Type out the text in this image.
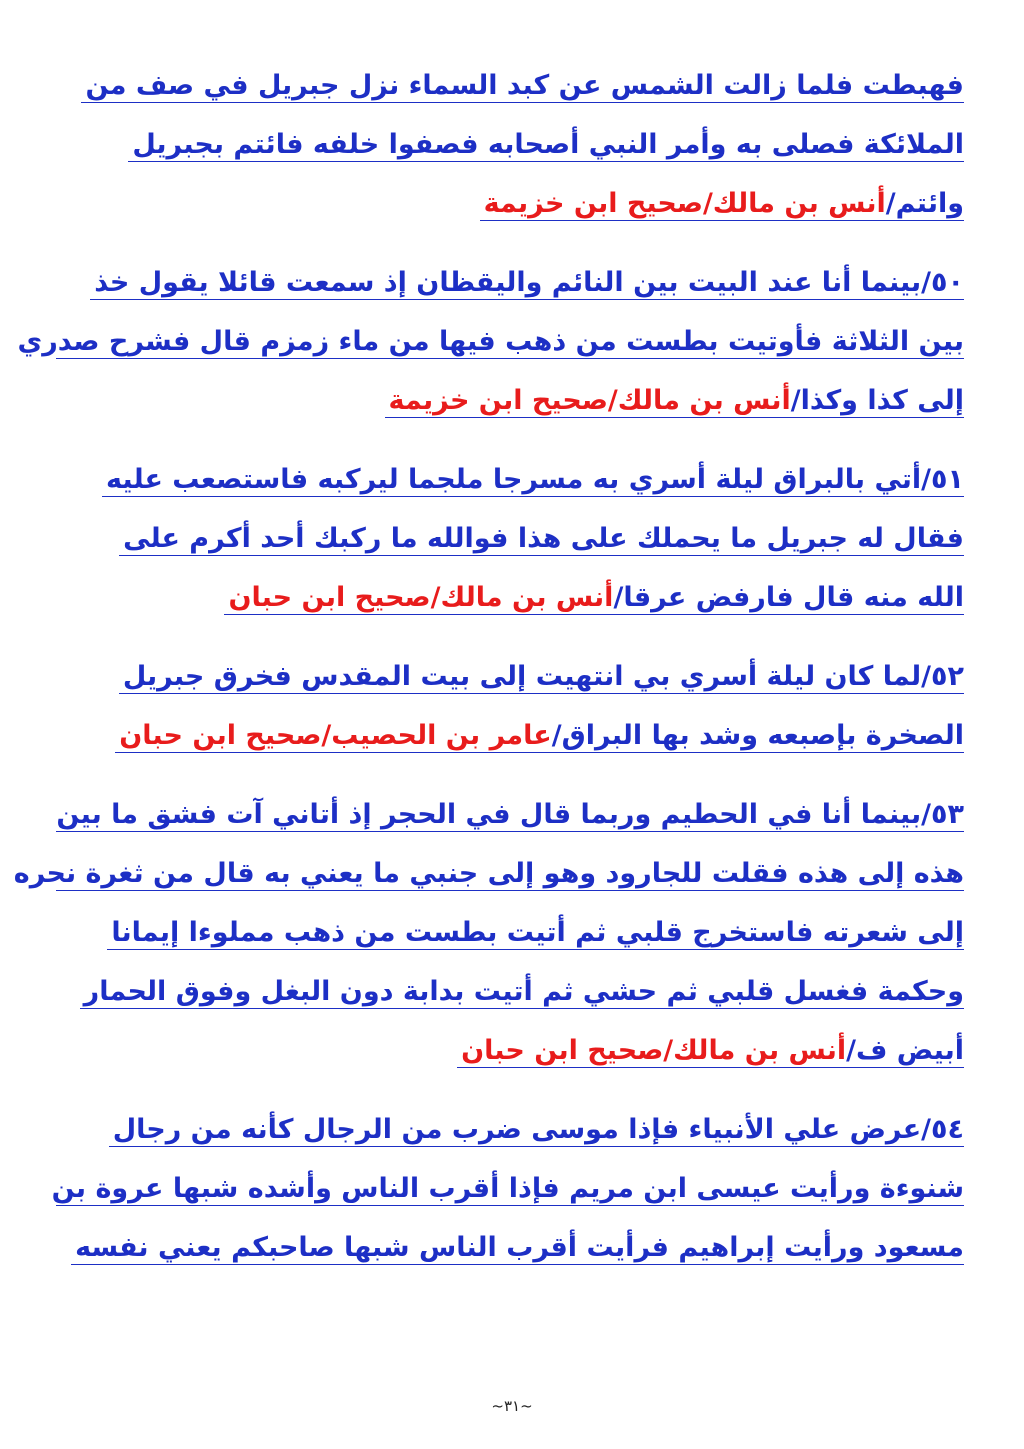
فهبطت فلما زالت الشمس عن كبد السماء نزل جبريل في صف من
الملائكة فصلى به وأمر النبي أصحابه فصفوا خلفه فائتم بجبريل
وائتم/أنس بن مالك/صحيح ابن خزيمة
٥٠/بينما أنا عند البيت بين النائم واليقظان إذ سمعت قائلا يقول خذ
بين الثلاثة فأوتيت بطست من ذهب فيها من ماء زمزم قال فشرح صدري
إلى كذا وكذا/أنس بن مالك/صحيح ابن خزيمة
٥١/أتي بالبراق ليلة أسري به مسرجا ملجما ليركبه فاستصعب عليه
فقال له جبريل ما يحملك على هذا فوالله ما ركبك أحد أكرم على
الله منه قال فارفض عرقا/أنس بن مالك/صحيح ابن حبان
٥٢/لما كان ليلة أسري بي انتهيت إلى بيت المقدس فخرق جبريل
الصخرة بإصبعه وشد بها البراق/عامر بن الحصيب/صحيح ابن حبان
٥٣/بينما أنا في الحطيم وربما قال في الحجر إذ أتاني آت فشق ما بين
هذه إلى هذه فقلت للجارود وهو إلى جنبي ما يعني به قال من ثغرة نحره
إلى شعرته فاستخرج قلبي ثم أتيت بطست من ذهب مملوءا إيمانا
وحكمة فغسل قلبي ثم حشي ثم أتيت بدابة دون البغل وفوق الحمار
أبيض ف/أنس بن مالك/صحيح ابن حبان
٥٤/عرض علي الأنبياء فإذا موسى ضرب من الرجال كأنه من رجال
شنوءة ورأيت عيسى ابن مريم فإذا أقرب الناس وأشده شبها عروة بن
مسعود ورأيت إبراهيم فرأيت أقرب الناس شبها صاحبكم يعني نفسه
~٣١~
